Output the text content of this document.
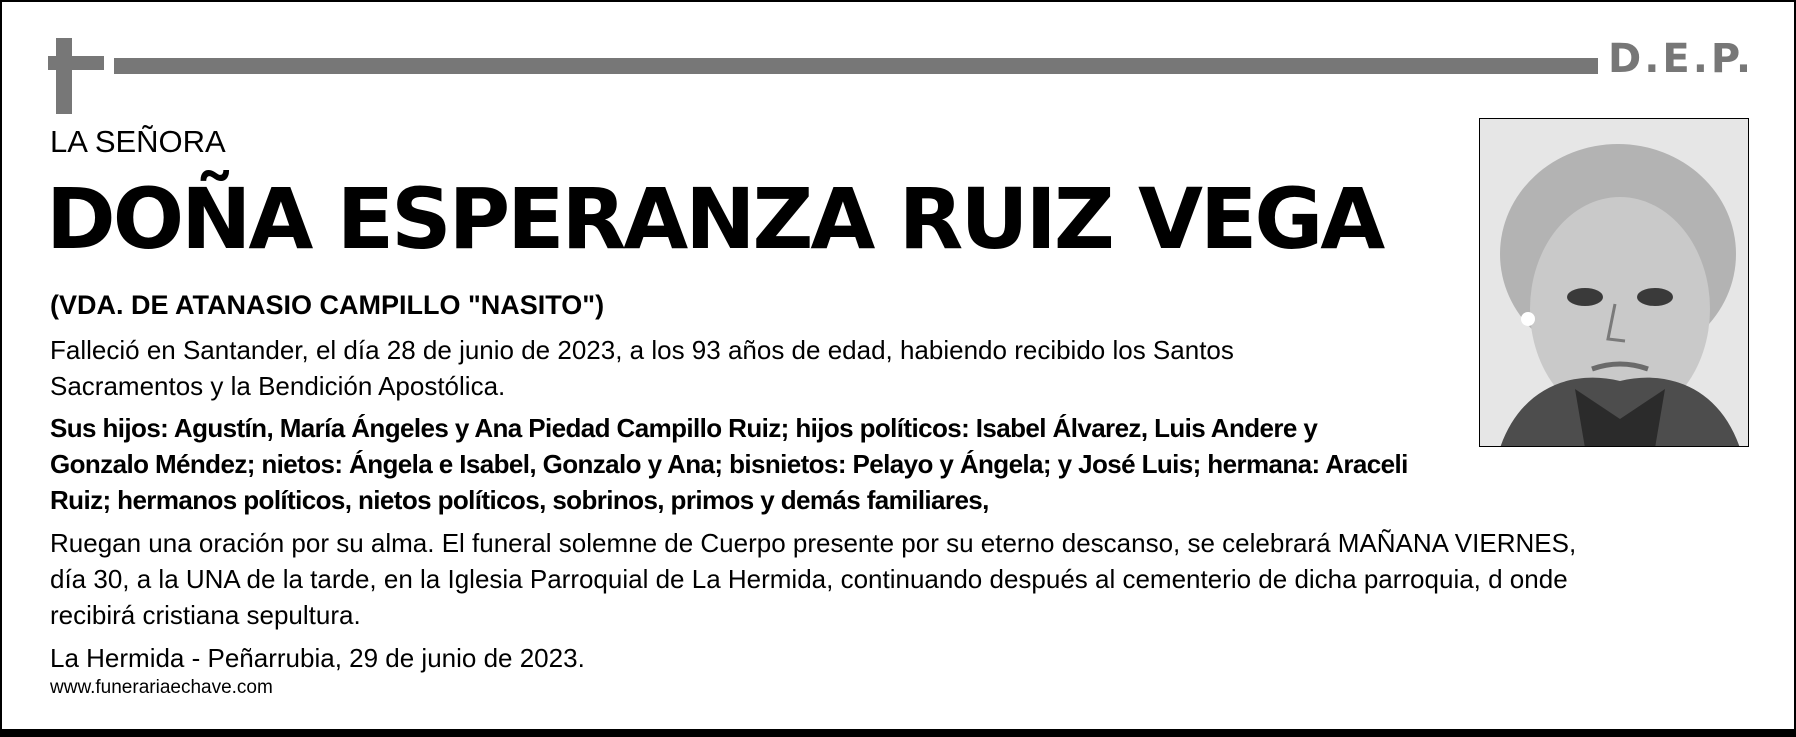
D.E.P.
LA SEÑORA
DOÑA ESPERANZA RUIZ VEGA
(VDA. DE ATANASIO CAMPILLO "NASITO")
Falleció en Santander, el día 28 de junio de 2023, a los 93 años de edad, habiendo recibido los Santos
Sacramentos y la Bendición Apostólica.
Sus hijos: Agustín, María Ángeles y Ana Piedad Campillo Ruiz; hijos políticos: Isabel Álvarez, Luis Andere y
Gonzalo Méndez; nietos: Ángela e Isabel, Gonzalo y Ana; bisnietos: Pelayo y Ángela; y José Luis; hermana: Araceli
Ruiz; hermanos políticos, nietos políticos, sobrinos, primos y demás familiares,
Ruegan una oración por su alma. El funeral solemne de Cuerpo presente por su eterno descanso, se celebrará MAÑANA VIERNES,
día 30, a la UNA de la tarde, en la Iglesia Parroquial de La Hermida, continuando después al cementerio de dicha parroquia, d onde
recibirá cristiana sepultura.
La Hermida - Peñarrubia, 29 de junio de 2023.
www.funerariaechave.com
